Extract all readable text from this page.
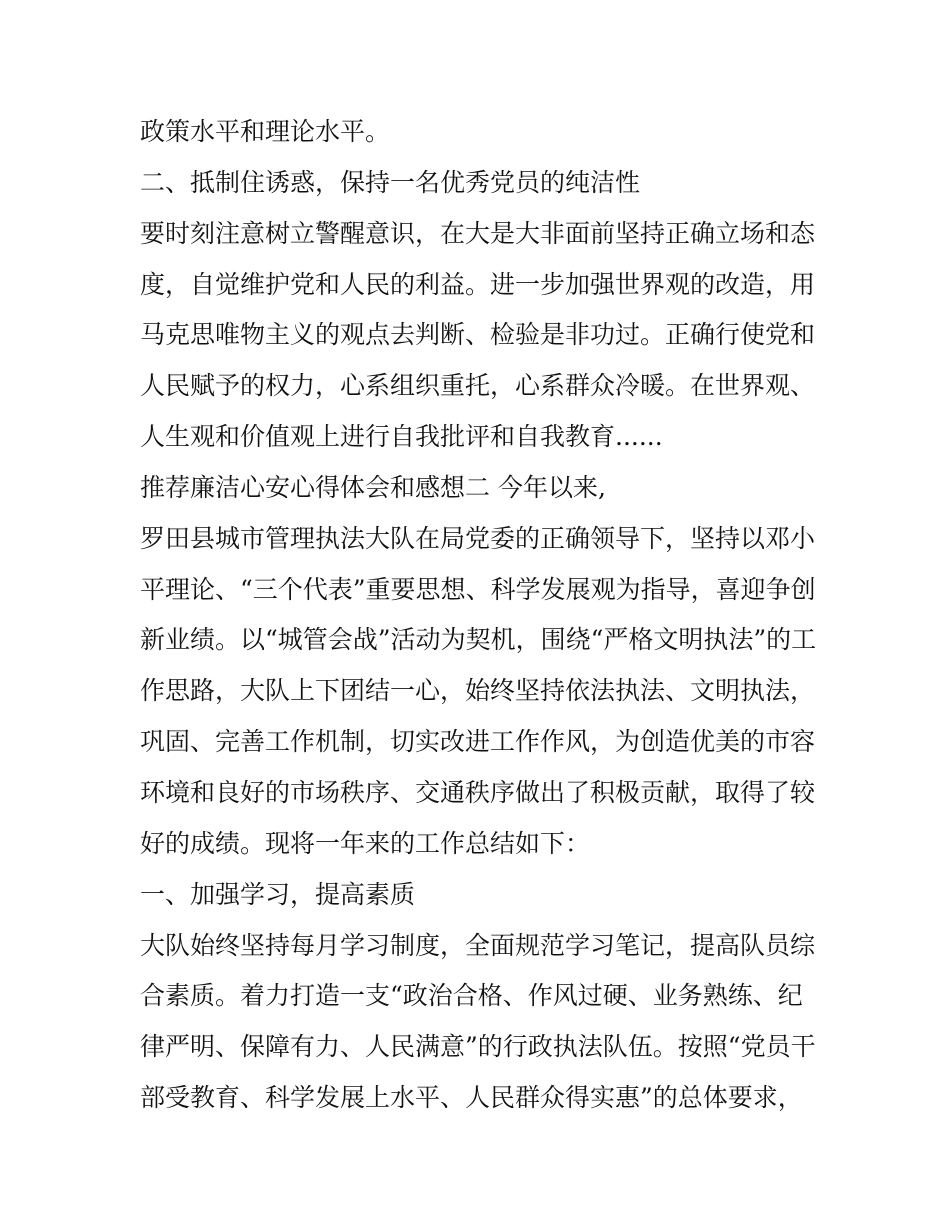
政策水平和理论水平。
二、抵制住诱惑，保持一名优秀党员的纯洁性
要时刻注意树立警醒意识，在大是大非面前坚持正确立场和态
度，自觉维护党和人民的利益。进一步加强世界观的改造，用
马克思唯物主义的观点去判断、检验是非功过。正确行使党和
人民赋予的权力，心系组织重托，心系群众冷暖。在世界观、
人生观和价值观上进行自我批评和自我教育......
推荐廉洁心安心得体会和感想二 今年以来,
罗田县城市管理执法大队在局党委的正确领导下，坚持以邓小
平理论、“三个代表”重要思想、科学发展观为指导，喜迎争创
新业绩。以“城管会战”活动为契机，围绕“严格文明执法”的工
作思路，大队上下团结一心，始终坚持依法执法、文明执法，
巩固、完善工作机制，切实改进工作作风，为创造优美的市容
环境和良好的市场秩序、交通秩序做出了积极贡献，取得了较
好的成绩。现将一年来的工作总结如下：
一、加强学习，提高素质
大队始终坚持每月学习制度，全面规范学习笔记，提高队员综
合素质。着力打造一支“政治合格、作风过硬、业务熟练、纪
律严明、保障有力、人民满意”的行政执法队伍。按照“党员干
部受教育、科学发展上水平、人民群众得实惠”的总体要求，
